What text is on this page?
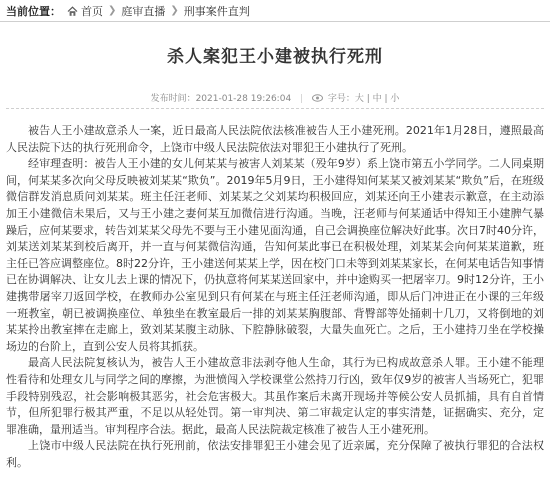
当前位置： 首页 ❯ 庭审直播 ❯ 刑事案件直判
杀人案犯王小建被执行死刑
发布时间：2021-01-28 19:26:04 |	字号：大 | 中 | 小

被告人王小建故意杀人一案，近日最高人民法院依法核准被告人王小建死刑。2021年1月28日，遵照最高人民法院下达的执行死刑命令，上饶市中级人民法院依法对罪犯王小建执行了死刑。

经审理查明：被告人王小建的女儿何某某与被害人刘某某（殁年9岁）系上饶市第五小学同学。二人同桌期间，何某某多次向父母反映被刘某某“欺负”。2019年5月9日，王小建得知何某某又被刘某某“欺负”后，在班级微信群发消息质问刘某某。班主任汪老师、刘某某之父刘某均积极回应，刘某还向王小建表示歉意，在主动添加王小建微信未果后，又与王小建之妻何某互加微信进行沟通。当晚，汪老师与何某通话中得知王小建脾气暴躁后，应何某要求，转告刘某某父母先不要与王小建见面沟通，自己会调换座位解决好此事。次日7时40分许，刘某送刘某某到校后离开，并一直与何某微信沟通，告知何某此事已在积极处理，刘某某会向何某某道歉，班主任已答应调整座位。8时22分许，王小建送何某某上学，因在校门口未等到刘某某家长，在何某电话告知事情已在协调解决、让女儿去上课的情况下，仍执意将何某某送回家中，并中途购买一把屠宰刀。9时12分许，王小建携带屠宰刀返回学校，在教师办公室见到只有何某在与班主任汪老师沟通，即从后门冲进正在小课的三年级一班教室，朝已被调换座位、单独坐在教室最后一排的刘某某胸腹部、背臀部等处捅刺十几刀，又将倒地的刘某某拎出教室摔在走廊上，致刘某某腹主动脉、下腔静脉破裂，大量失血死亡。之后，王小建持刀坐在学校操场边的台阶上，直到公安人员将其抓获。

最高人民法院复核认为，被告人王小建故意非法剥夺他人生命，其行为已构成故意杀人罪。王小建不能理性看待和处理女儿与同学之间的摩擦，为泄愤闯入学校课堂公然持刀行凶，致年仅9岁的被害人当场死亡，犯罪手段特别残忍，社会影响极其恶劣，社会危害极大。其虽作案后未离开现场并等候公安人员抓捕，具有自首情节，但所犯罪行极其严重，不足以从轻处罚。第一审判决、第二审裁定认定的事实清楚，证据确实、充分，定罪准确，量刑适当。审判程序合法。据此，最高人民法院裁定核准了被告人王小建死刑。

上饶市中级人民法院在执行死刑前，依法安排罪犯王小建会见了近亲属，充分保障了被执行罪犯的合法权利。
